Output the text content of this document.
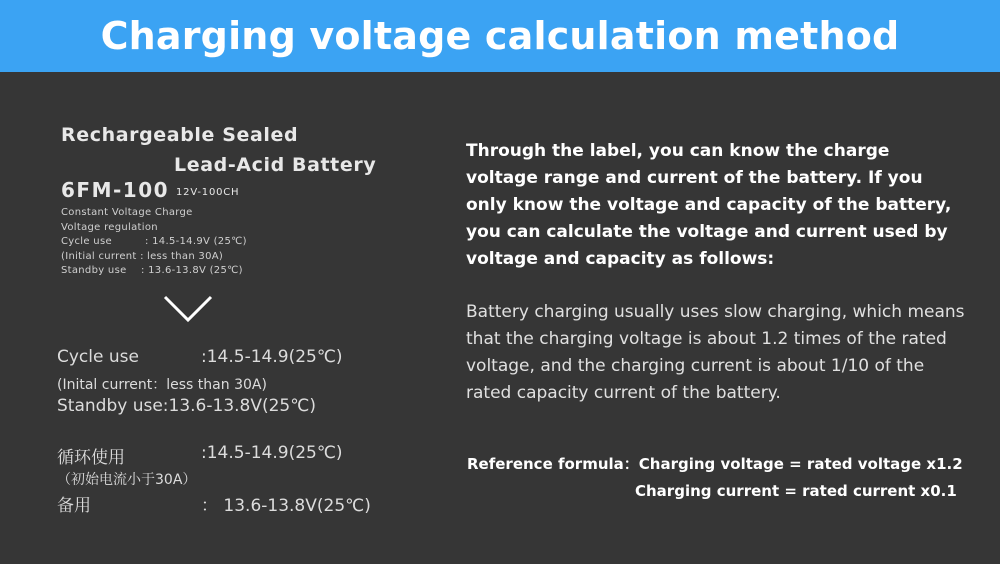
Charging voltage calculation method
Rechargeable Sealed
Lead-Acid Battery
6FM-100 12V-100CH
Constant Voltage Charge
Voltage regulation
Cycle use	: 14.5-14.9V (25℃)
(Initial current : less than 30A)
Standby use : 13.6-13.8V (25℃)
Cycle use	:14.5-14.9(25℃)
(Inital current：less than 30A)
Standby use:13.6-13.8V(25℃)
循环使用	:14.5-14.9(25℃)
（初始电流小于30A）
备用	： 13.6-13.8V(25℃)
Through the label, you can know the charge voltage range and current of the battery. If you only know the voltage and capacity of the battery, you can calculate the voltage and current used by voltage and capacity as follows:
Battery charging usually uses slow charging, which means that the charging voltage is about 1.2 times of the rated voltage, and the charging current is about 1/10 of the rated capacity current of the battery.
Reference formula：Charging voltage = rated voltage x1.2
Charging current = rated current x0.1
